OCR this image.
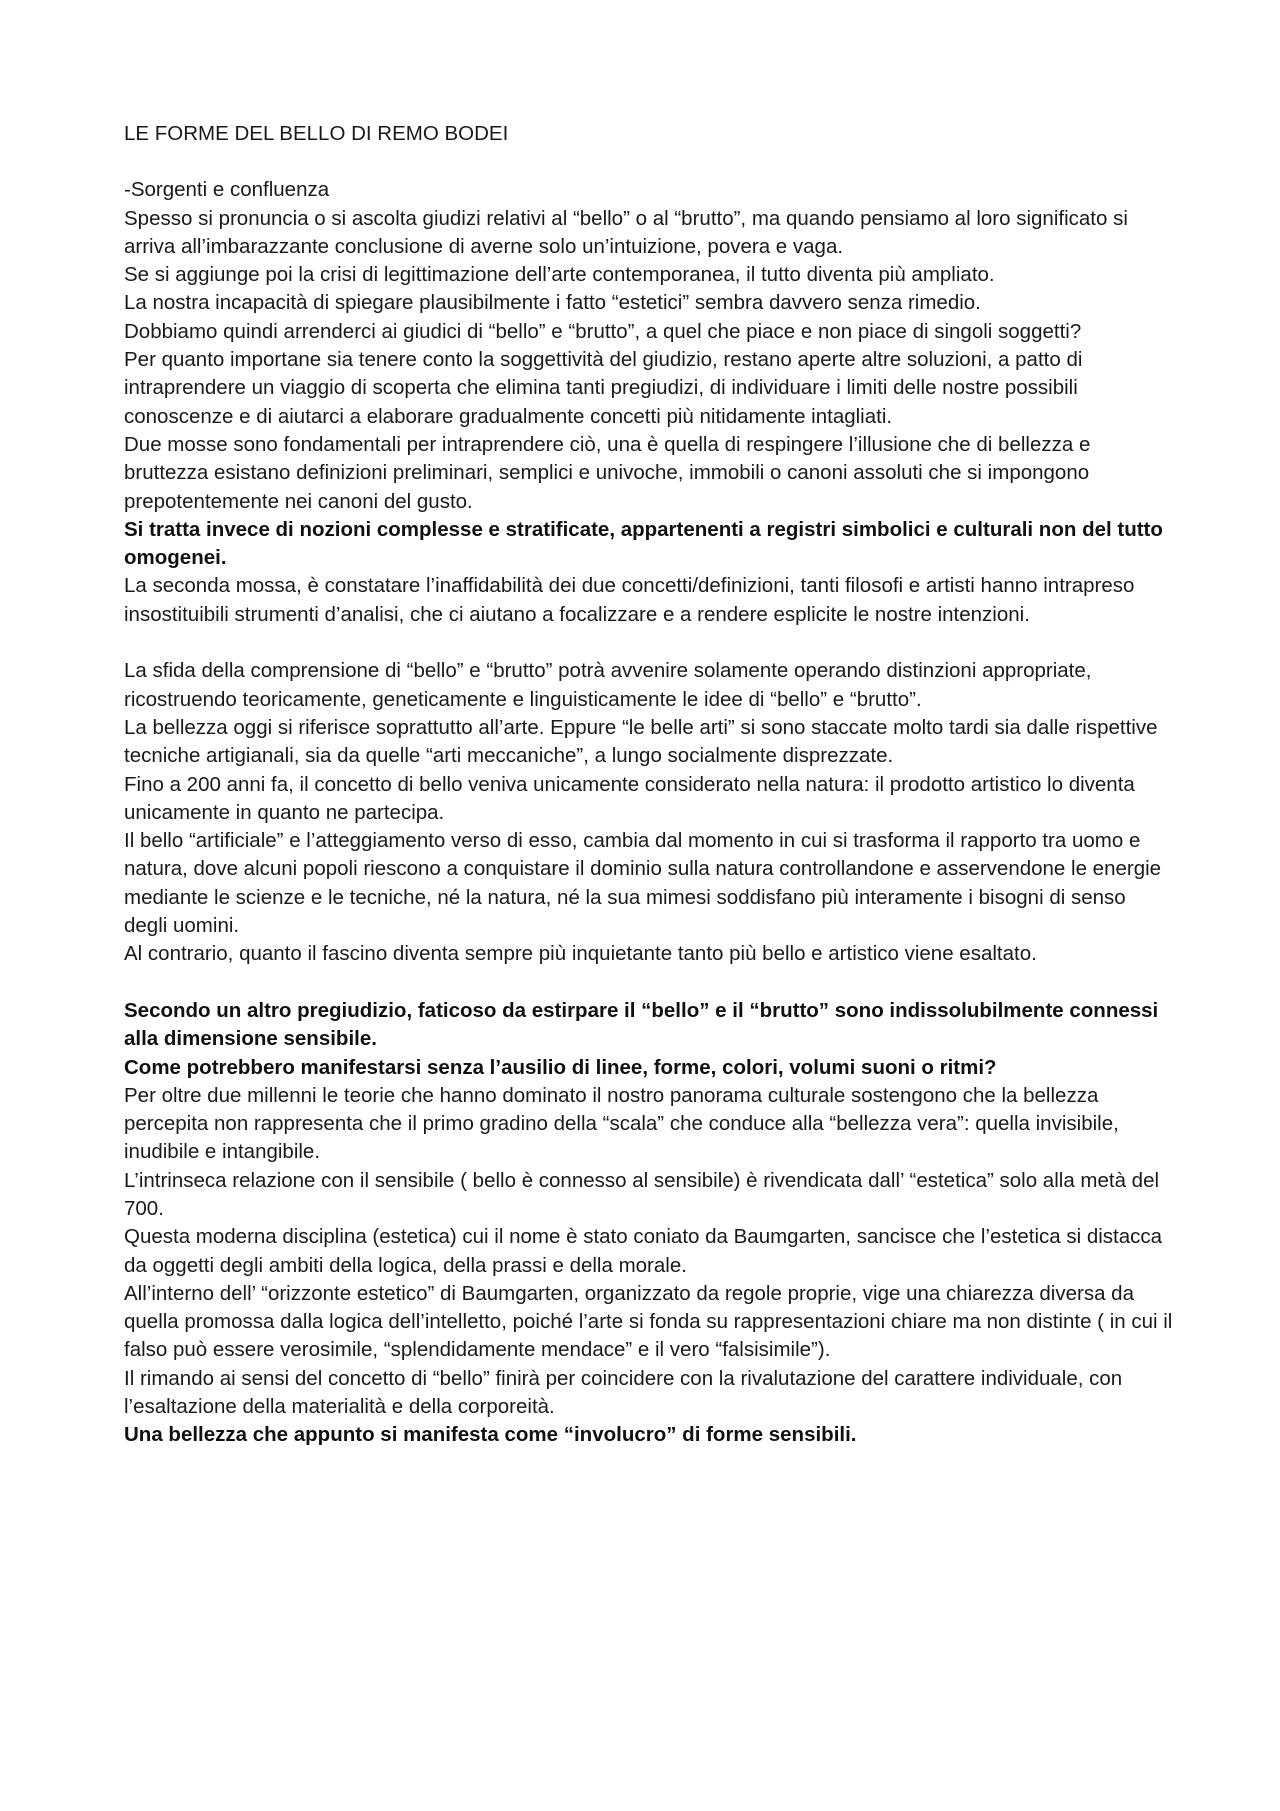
LE FORME DEL BELLO DI REMO BODEI

-Sorgenti e confluenza

Spesso si pronuncia o si ascolta giudizi relativi al “bello” o al “brutto”, ma quando pensiamo al loro significato si arriva all’imbarazzante conclusione di averne solo un’intuizione, povera e vaga.

Se si aggiunge poi la crisi di legittimazione dell’arte contemporanea, il tutto diventa più ampliato.

La nostra incapacità di spiegare plausibilmente i fatto “estetici” sembra davvero senza rimedio.

Dobbiamo quindi arrenderci ai giudici di “bello” e “brutto”, a quel che piace e non piace di singoli soggetti?

Per quanto importane sia tenere conto la soggettività del giudizio, restano aperte altre soluzioni, a patto di intraprendere un viaggio di scoperta che elimina tanti pregiudizi, di individuare i limiti delle nostre possibili conoscenze e di aiutarci a elaborare gradualmente concetti più nitidamente intagliati.

Due mosse sono fondamentali per intraprendere ciò, una è quella di respingere l’illusione che di bellezza e bruttezza esistano definizioni preliminari, semplici e univoche, immobili o canoni assoluti che si impongono prepotentemente nei canoni del gusto.

Si tratta invece di nozioni complesse e stratificate, appartenenti a registri simbolici e culturali non del tutto omogenei.

La seconda mossa, è constatare l’inaffidabilità dei due concetti/definizioni, tanti filosofi e artisti hanno intrapreso insostituibili strumenti d’analisi, che ci aiutano a focalizzare e a rendere esplicite le nostre intenzioni.

La sfida della comprensione di “bello” e “brutto” potrà avvenire solamente operando distinzioni appropriate, ricostruendo teoricamente, geneticamente e linguisticamente le idee di “bello” e “brutto”.

La bellezza oggi si riferisce soprattutto all’arte. Eppure “le belle arti” si sono staccate molto tardi sia dalle rispettive tecniche artigianali, sia da quelle “arti meccaniche”, a lungo socialmente disprezzate.

Fino a 200 anni fa, il concetto di bello veniva unicamente considerato nella natura: il prodotto artistico lo diventa unicamente in quanto ne partecipa.

Il bello “artificiale” e l’atteggiamento verso di esso, cambia dal momento in cui si trasforma il rapporto tra uomo e natura, dove alcuni popoli riescono a conquistare il dominio sulla natura controllandone e asservendone le energie mediante le scienze e le tecniche, né la natura, né la sua mimesi soddisfano più interamente i bisogni di senso degli uomini.

Al contrario, quanto il fascino diventa sempre più inquietante tanto più bello e artistico viene esaltato.

Secondo un altro pregiudizio, faticoso da estirpare il “bello” e il “brutto” sono indissolubilmente connessi alla dimensione sensibile.

Come potrebbero manifestarsi senza l’ausilio di linee, forme, colori, volumi suoni o ritmi?

Per oltre due millenni le teorie che hanno dominato il nostro panorama culturale sostengono che la bellezza percepita non rappresenta che il primo gradino della “scala” che conduce alla “bellezza vera”: quella invisibile, inudibile e intangibile.

L’intrinseca relazione con il sensibile ( bello è connesso al sensibile) è rivendicata dall’ “estetica” solo alla metà del 700.

Questa moderna disciplina (estetica) cui il nome è stato coniato da Baumgarten, sancisce che l’estetica si distacca da oggetti degli ambiti della logica, della prassi e della morale.

All’interno dell’ “orizzonte estetico” di Baumgarten, organizzato da regole proprie, vige una chiarezza diversa da quella promossa dalla logica dell’intelletto, poiché l’arte si fonda su rappresentazioni chiare ma non distinte ( in cui il falso può essere verosimile, “splendidamente mendace” e il vero “falsisimile”).

Il rimando ai sensi del concetto di “bello” finirà per coincidere con la rivalutazione del carattere individuale, con l’esaltazione della materialità e della corporeità.

Una bellezza che appunto si manifesta come “involucro” di forme sensibili.
